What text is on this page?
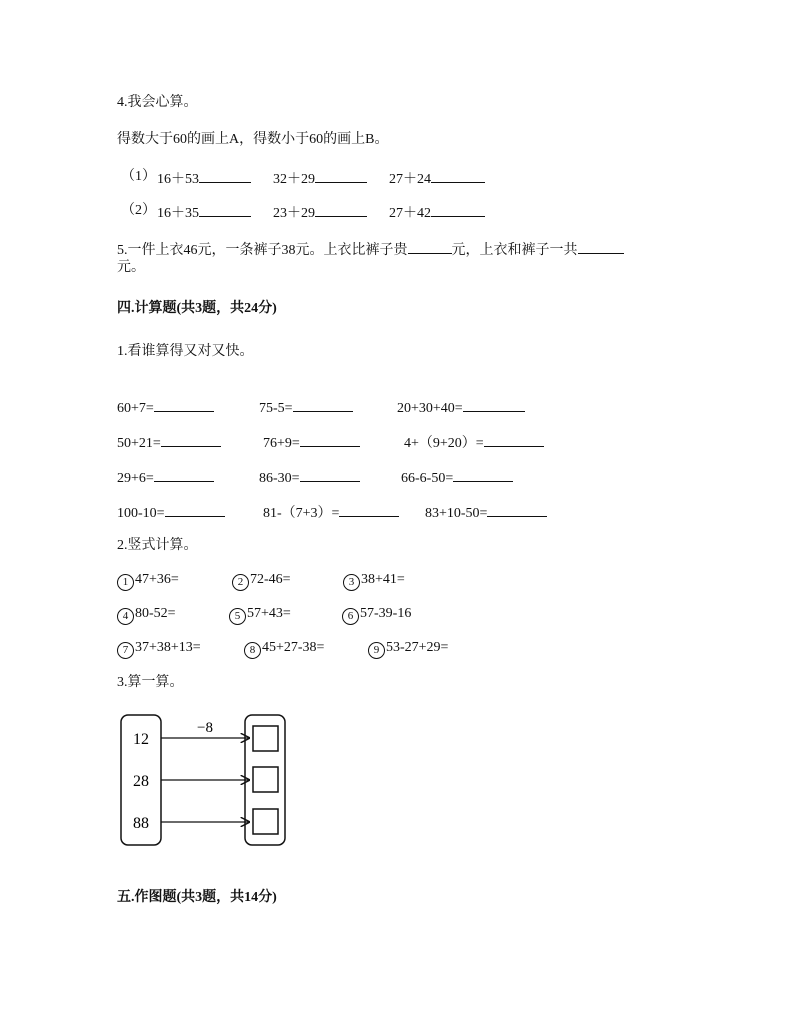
4.我会心算。
得数大于60的画上A，得数小于60的画上B。
（1） 16＋53	32＋29	27＋24
（2） 16＋35	23＋29	27＋42
5.一件上衣46元，一条裤子38元。上衣比裤子贵	元，上衣和裤子一共
元。
四.计算题(共3题，共24分)
1.看谁算得又对又快。
60+7=	75-5=	20+30+40=
50+21=	76+9=	4+（9+20）=
29+6=	86-30=	66-6-50=
100-10=	81-（7+3）=	83+10-50=
2.竖式计算。
1 47+36=	2 72-46=	3 38+41=
4 80-52=	5 57+43=	6 57-39-16
7 37+38+13=	8 45+27-38=	9 53-27+29=
3.算一算。
12
28
88
−8
五.作图题(共3题，共14分)
